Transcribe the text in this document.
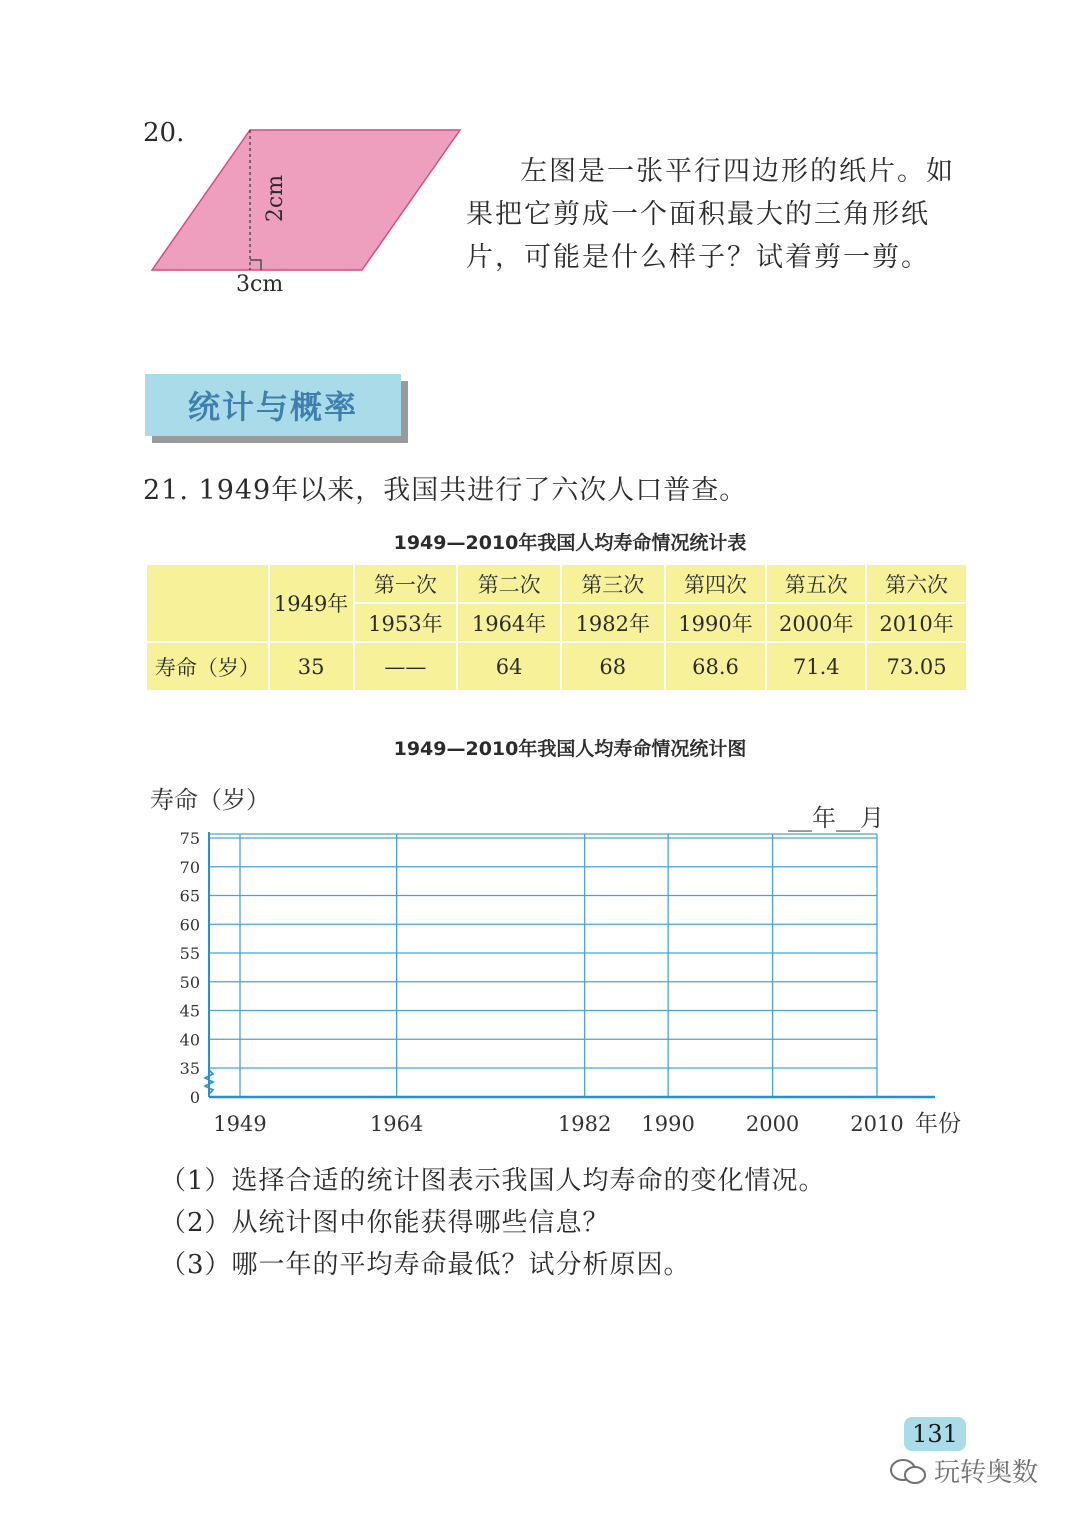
20.
2cm
3cm
左图是一张平行四边形的纸片。如果把它剪成一个面积最大的三角形纸片，可能是什么样子？试着剪一剪。
统计与概率
21. 1949年以来，我国共进行了六次人口普查。
1949—2010年我国人均寿命情况统计表
	1949年	第一次	第二次	第三次	第四次	第五次	第六次
		1953年	1964年	1982年	1990年	2000年	2010年
寿命（岁）	35	——	64	68	68.6	71.4	73.05
1949—2010年我国人均寿命情况统计图
0
35
40
45
50
55
60
65
70
75
1949	1964	1982 1990 2000 2010
寿命（岁）
年份
__年__月
（1）选择合适的统计图表示我国人均寿命的变化情况。
（2）从统计图中你能获得哪些信息？
（3）哪一年的平均寿命最低？试分析原因。
131
玩转奥数
